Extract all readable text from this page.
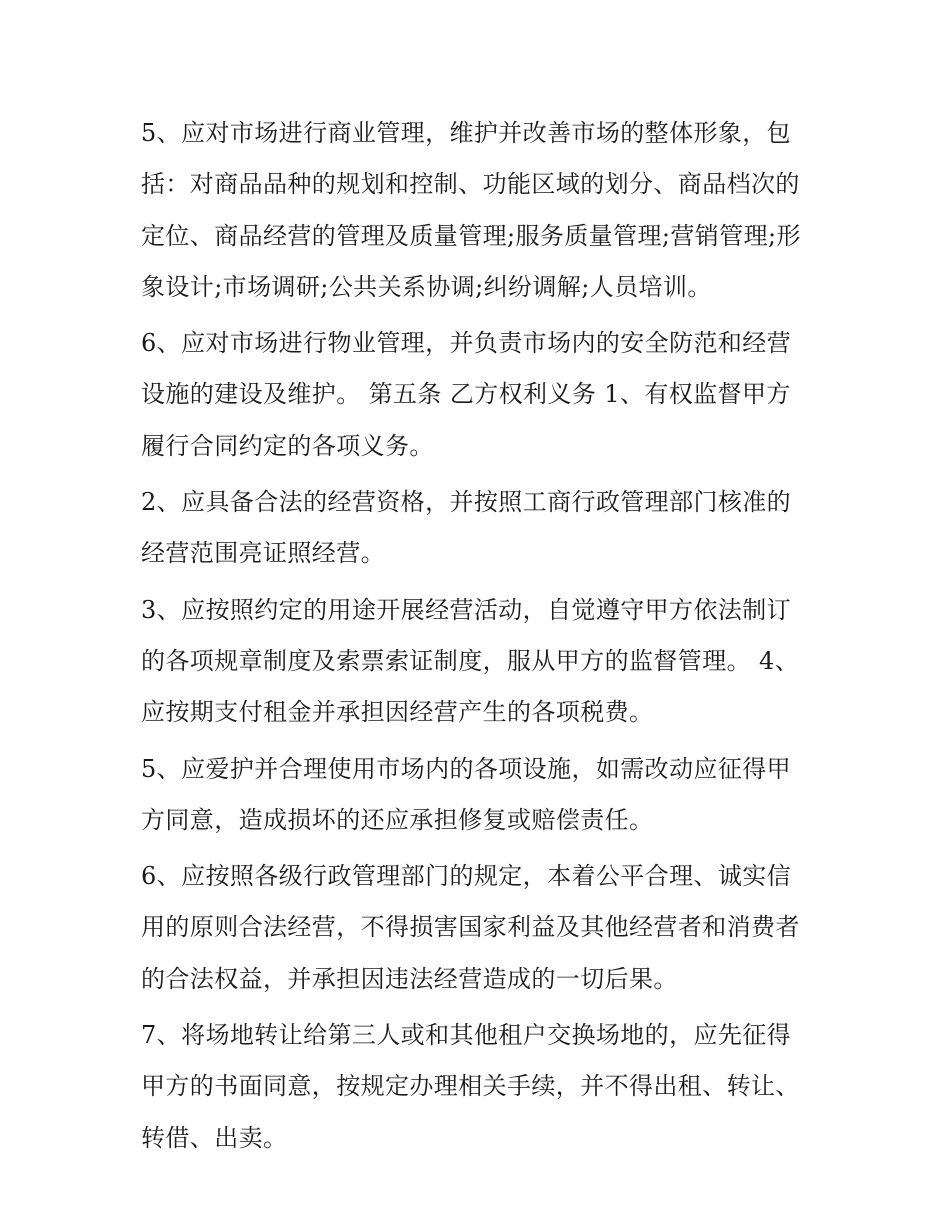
5、应对市场进行商业管理，维护并改善市场的整体形象，包括：对商品品种的规划和控制、功能区域的划分、商品档次的定位、商品经营的管理及质量管理;服务质量管理;营销管理;形象设计;市场调研;公共关系协调;纠纷调解;人员培训。

6、应对市场进行物业管理，并负责市场内的安全防范和经营设施的建设及维护。 第五条 乙方权利义务 1、有权监督甲方履行合同约定的各项义务。

2、应具备合法的经营资格，并按照工商行政管理部门核准的经营范围亮证照经营。

3、应按照约定的用途开展经营活动，自觉遵守甲方依法制订的各项规章制度及索票索证制度，服从甲方的监督管理。 4、应按期支付租金并承担因经营产生的各项税费。

5、应爱护并合理使用市场内的各项设施，如需改动应征得甲方同意，造成损坏的还应承担修复或赔偿责任。

6、应按照各级行政管理部门的规定，本着公平合理、诚实信用的原则合法经营，不得损害国家利益及其他经营者和消费者的合法权益，并承担因违法经营造成的一切后果。

7、将场地转让给第三人或和其他租户交换场地的，应先征得甲方的书面同意，按规定办理相关手续，并不得出租、转让、转借、出卖。
